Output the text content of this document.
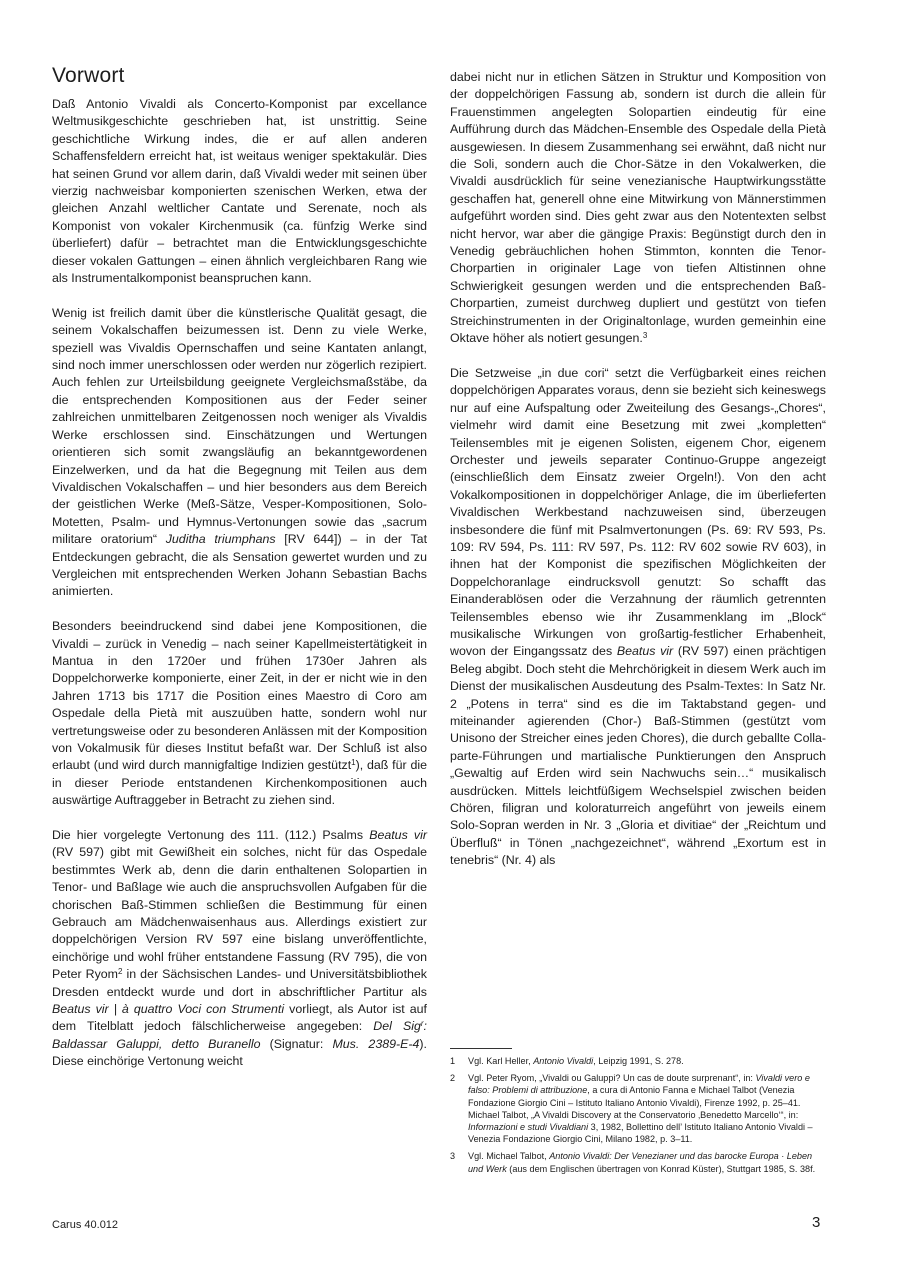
Vorwort

Daß Antonio Vivaldi als Concerto-Komponist par excellance Weltmusikgeschichte geschrieben hat, ist unstrittig. Seine geschichtliche Wirkung indes, die er auf allen anderen Schaffensfeldern erreicht hat, ist weitaus weniger spektakulär. Dies hat seinen Grund vor allem darin, daß Vivaldi weder mit seinen über vierzig nachweisbar komponierten szenischen Werken, etwa der gleichen Anzahl weltlicher Cantate und Serenate, noch als Komponist von vokaler Kirchenmusik (ca. fünfzig Werke sind überliefert) dafür – betrachtet man die Entwicklungsgeschichte dieser vokalen Gattungen – einen ähnlich vergleichbaren Rang wie als Instrumentalkomponist beanspruchen kann.

Wenig ist freilich damit über die künstlerische Qualität gesagt, die seinem Vokalschaffen beizumessen ist. Denn zu viele Werke, speziell was Vivaldis Opernschaffen und seine Kantaten anlangt, sind noch immer unerschlossen oder werden nur zögerlich rezipiert. Auch fehlen zur Urteilsbildung geeignete Vergleichsmaßstäbe, da die entsprechenden Kompositionen aus der Feder seiner zahlreichen unmittelbaren Zeitgenossen noch weniger als Vivaldis Werke erschlossen sind. Einschätzungen und Wertungen orientieren sich somit zwangsläufig an bekanntgewordenen Einzelwerken, und da hat die Begegnung mit Teilen aus dem Vivaldischen Vokalschaffen – und hier besonders aus dem Bereich der geistlichen Werke (Meß-Sätze, Vesper-Kompositionen, Solo-Motetten, Psalm- und Hymnus-Vertonungen sowie das „sacrum militare oratorium“ Juditha triumphans [RV 644]) – in der Tat Entdeckungen gebracht, die als Sensation gewertet wurden und zu Vergleichen mit entsprechenden Werken Johann Sebastian Bachs animierten.

Besonders beeindruckend sind dabei jene Kompositionen, die Vivaldi – zurück in Venedig – nach seiner Kapellmeistertätigkeit in Mantua in den 1720er und frühen 1730er Jahren als Doppelchorwerke komponierte, einer Zeit, in der er nicht wie in den Jahren 1713 bis 1717 die Position eines Maestro di Coro am Ospedale della Pietà mit auszuüben hatte, sondern wohl nur vertretungsweise oder zu besonderen Anlässen mit der Komposition von Vokalmusik für dieses Institut befaßt war. Der Schluß ist also erlaubt (und wird durch mannigfaltige Indizien gestützt$^1$), daß für die in dieser Periode entstandenen Kirchenkompositionen auch auswärtige Auftraggeber in Betracht zu ziehen sind.

Die hier vorgelegte Vertonung des 111. (112.) Psalms Beatus vir (RV 597) gibt mit Gewißheit ein solches, nicht für das Ospedale bestimmtes Werk ab, denn die darin enthaltenen Solopartien in Tenor- und Baßlage wie auch die anspruchsvollen Aufgaben für die chorischen Baß-Stimmen schließen die Bestimmung für einen Gebrauch am Mädchenwaisenhaus aus. Allerdings existiert zur doppelchörigen Version RV 597 eine bislang unveröffentlichte, einchörige und wohl früher entstandene Fassung (RV 795), die von Peter Ryom$^2$ in der Sächsischen Landes- und Universitätsbibliothek Dresden entdeckt wurde und dort in abschriftlicher Partitur als Beatus vir | à quattro Voci con Strumenti vorliegt, als Autor ist auf dem Titelblatt jedoch fälschlicherweise angegeben: Del Sig$^r$: Baldassar Galuppi, detto Buranello (Signatur: Mus. 2389-E-4). Diese einchörige Vertonung weicht

dabei nicht nur in etlichen Sätzen in Struktur und Komposition von der doppelchörigen Fassung ab, sondern ist durch die allein für Frauenstimmen angelegten Solopartien eindeutig für eine Aufführung durch das Mädchen-Ensemble des Ospedale della Pietà ausgewiesen. In diesem Zusammenhang sei erwähnt, daß nicht nur die Soli, sondern auch die Chor-Sätze in den Vokalwerken, die Vivaldi ausdrücklich für seine venezianische Hauptwirkungsstätte geschaffen hat, generell ohne eine Mitwirkung von Männerstimmen aufgeführt worden sind. Dies geht zwar aus den Notentexten selbst nicht hervor, war aber die gängige Praxis: Begünstigt durch den in Venedig gebräuchlichen hohen Stimmton, konnten die Tenor-Chorpartien in originaler Lage von tiefen Altistinnen ohne Schwierigkeit gesungen werden und die entsprechenden Baß-Chorpartien, zumeist durchweg dupliert und gestützt von tiefen Streichinstrumenten in der Originaltonlage, wurden gemeinhin eine Oktave höher als notiert gesungen.$^3$

Die Setzweise „in due cori“ setzt die Verfügbarkeit eines reichen doppelchörigen Apparates voraus, denn sie bezieht sich keineswegs nur auf eine Aufspaltung oder Zweiteilung des Gesangs-„Chores“, vielmehr wird damit eine Besetzung mit zwei „kompletten“ Teilensembles mit je eigenen Solisten, eigenem Chor, eigenem Orchester und jeweils separater Continuo-Gruppe angezeigt (einschließlich dem Einsatz zweier Orgeln!). Von den acht Vokalkompositionen in doppelchöriger Anlage, die im überlieferten Vivaldischen Werkbestand nachzuweisen sind, überzeugen insbesondere die fünf mit Psalmvertonungen (Ps. 69: RV 593, Ps. 109: RV 594, Ps. 111: RV 597, Ps. 112: RV 602 sowie RV 603), in ihnen hat der Komponist die spezifischen Möglichkeiten der Doppelchoranlage eindrucksvoll genutzt: So schafft das Einanderablösen oder die Verzahnung der räumlich getrennten Teilensembles ebenso wie ihr Zusammenklang im „Block“ musikalische Wirkungen von großartig-festlicher Erhabenheit, wovon der Eingangssatz des Beatus vir (RV 597) einen prächtigen Beleg abgibt. Doch steht die Mehrchörigkeit in diesem Werk auch im Dienst der musikalischen Ausdeutung des Psalm-Textes: In Satz Nr. 2 „Potens in terra“ sind es die im Taktabstand gegen- und miteinander agierenden (Chor-) Baß-Stimmen (gestützt vom Unisono der Streicher eines jeden Chores), die durch geballte Colla-parte-Führungen und martialische Punktierungen den Anspruch „Gewaltig auf Erden wird sein Nachwuchs sein…“ musikalisch ausdrücken. Mittels leichtfüßigem Wechselspiel zwischen beiden Chören, filigran und koloraturreich angeführt von jeweils einem Solo-Sopran werden in Nr. 3 „Gloria et divitiae“ der „Reichtum und Überfluß“ in Tönen „nachgezeichnet“, während „Exortum est in tenebris“ (Nr. 4) als

1	Vgl. Karl Heller, Antonio Vivaldi, Leipzig 1991, S. 278.
2	Vgl. Peter Ryom, „Vivaldi ou Galuppi? Un cas de doute surprenant“, in: Vivaldi vero e falso: Problemi di attribuzione, a cura di Antonio Fanna e Michael Talbot (Venezia Fondazione Giorgio Cini – Istituto Italiano Antonio Vivaldi), Firenze 1992, p. 25–41.
Michael Talbot, „A Vivaldi Discovery at the Conservatorio ‚Benedetto Marcello‘“, in: Informazioni e studi Vivaldiani 3, 1982, Bollettino dell’ Istituto Italiano Antonio Vivaldi – Venezia Fondazione Giorgio Cini, Milano 1982, p. 3–11.
3	Vgl. Michael Talbot, Antonio Vivaldi: Der Venezianer und das barocke Europa · Leben und Werk (aus dem Englischen übertragen von Konrad Küster), Stuttgart 1985, S. 38f.
Carus 40.012	3
